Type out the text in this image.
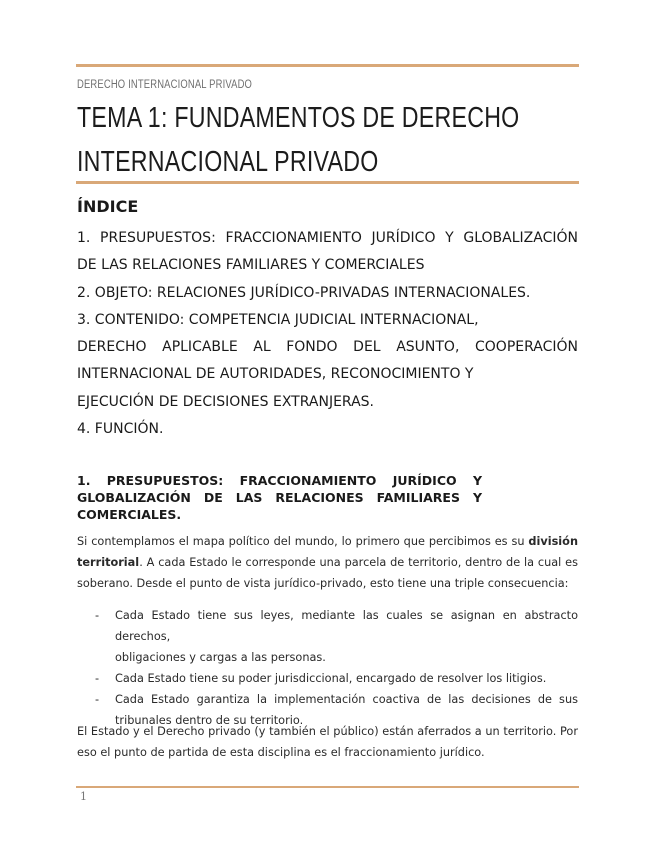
DERECHO INTERNACIONAL PRIVADO
TEMA 1: FUNDAMENTOS DE DERECHO
INTERNACIONAL PRIVADO
ÍNDICE
1. PRESUPUESTOS: FRACCIONAMIENTO JURÍDICO Y GLOBALIZACIÓN
DE LAS RELACIONES FAMILIARES Y COMERCIALES
2. OBJETO: RELACIONES JURÍDICO-PRIVADAS INTERNACIONALES.
3. CONTENIDO: COMPETENCIA JUDICIAL INTERNACIONAL,
DERECHO APLICABLE AL FONDO DEL ASUNTO, COOPERACIÓN
INTERNACIONAL DE AUTORIDADES, RECONOCIMIENTO Y
EJECUCIÓN DE DECISIONES EXTRANJERAS.
4. FUNCIÓN.
1. PRESUPUESTOS: FRACCIONAMIENTO JURÍDICO Y
GLOBALIZACIÓN DE LAS RELACIONES FAMILIARES Y
COMERCIALES.
Si contemplamos el mapa político del mundo, lo primero que percibimos es su división
territorial. A cada Estado le corresponde una parcela de territorio, dentro de la cual es
soberano. Desde el punto de vista jurídico-privado, esto tiene una triple consecuencia:
- Cada Estado tiene sus leyes, mediante las cuales se asignan en abstracto derechos,
obligaciones y cargas a las personas.
- Cada Estado tiene su poder jurisdiccional, encargado de resolver los litigios.
- Cada Estado garantiza la implementación coactiva de las decisiones de sus
tribunales dentro de su territorio.
El Estado y el Derecho privado (y también el público) están aferrados a un territorio. Por
eso el punto de partida de esta disciplina es el fraccionamiento jurídico.
1
